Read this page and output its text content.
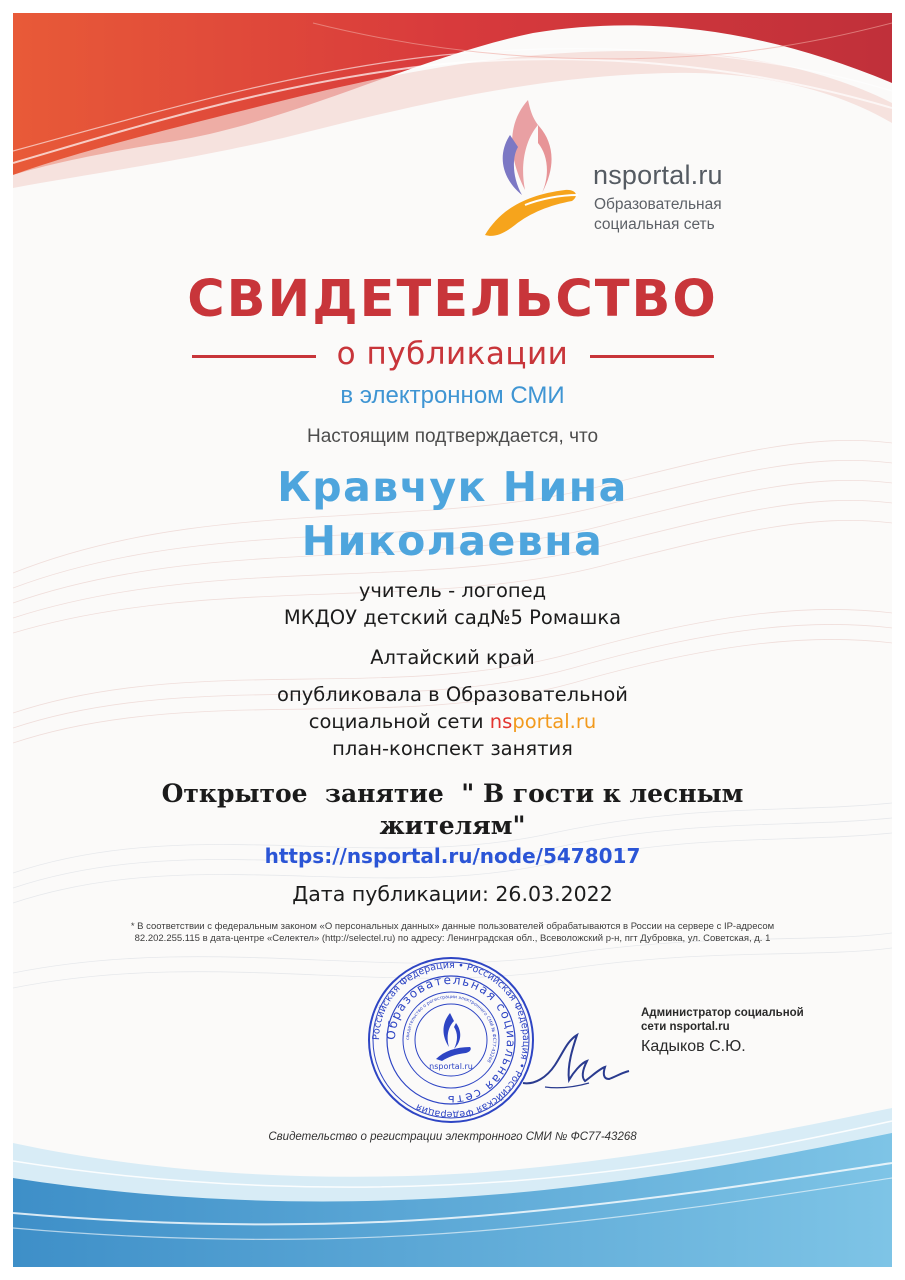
nsportal.ru
Образовательная
социальная сеть
СВИДЕТЕЛЬСТВО
о публикации
в электронном СМИ
Настоящим подтверждается, что
Кравчук Нина
Николаевна
учитель - логопед
МКДОУ детский сад№5 Ромашка
Алтайский край
опубликовала в Образовательной
социальной сети nsportal.ru
план-конспект занятия
Открытое  занятие  " В гости к лесным
жителям"
https://nsportal.ru/node/5478017
Дата публикации: 26.03.2022
* В соответствии с федеральным законом «О персональных данных» данные пользователей обрабатываются в России на сервере с IP-адресом
82.202.255.115 в дата-центре «Селектел» (http://selectel.ru) по адресу: Ленинградская обл., Всеволожский р-н, пгт Дубровка, ул. Советская, д. 1
Российская Федерация • Российская Федерация • Российская Федерация
Образовательная социальная сеть
свидетельство о регистрации электронного СМИ № ФС77-43268
nsportal.ru
Администратор социальной
сети nsportal.ru
Кадыков С.Ю.
Свидетельство о регистрации электронного СМИ № ФС77-43268
